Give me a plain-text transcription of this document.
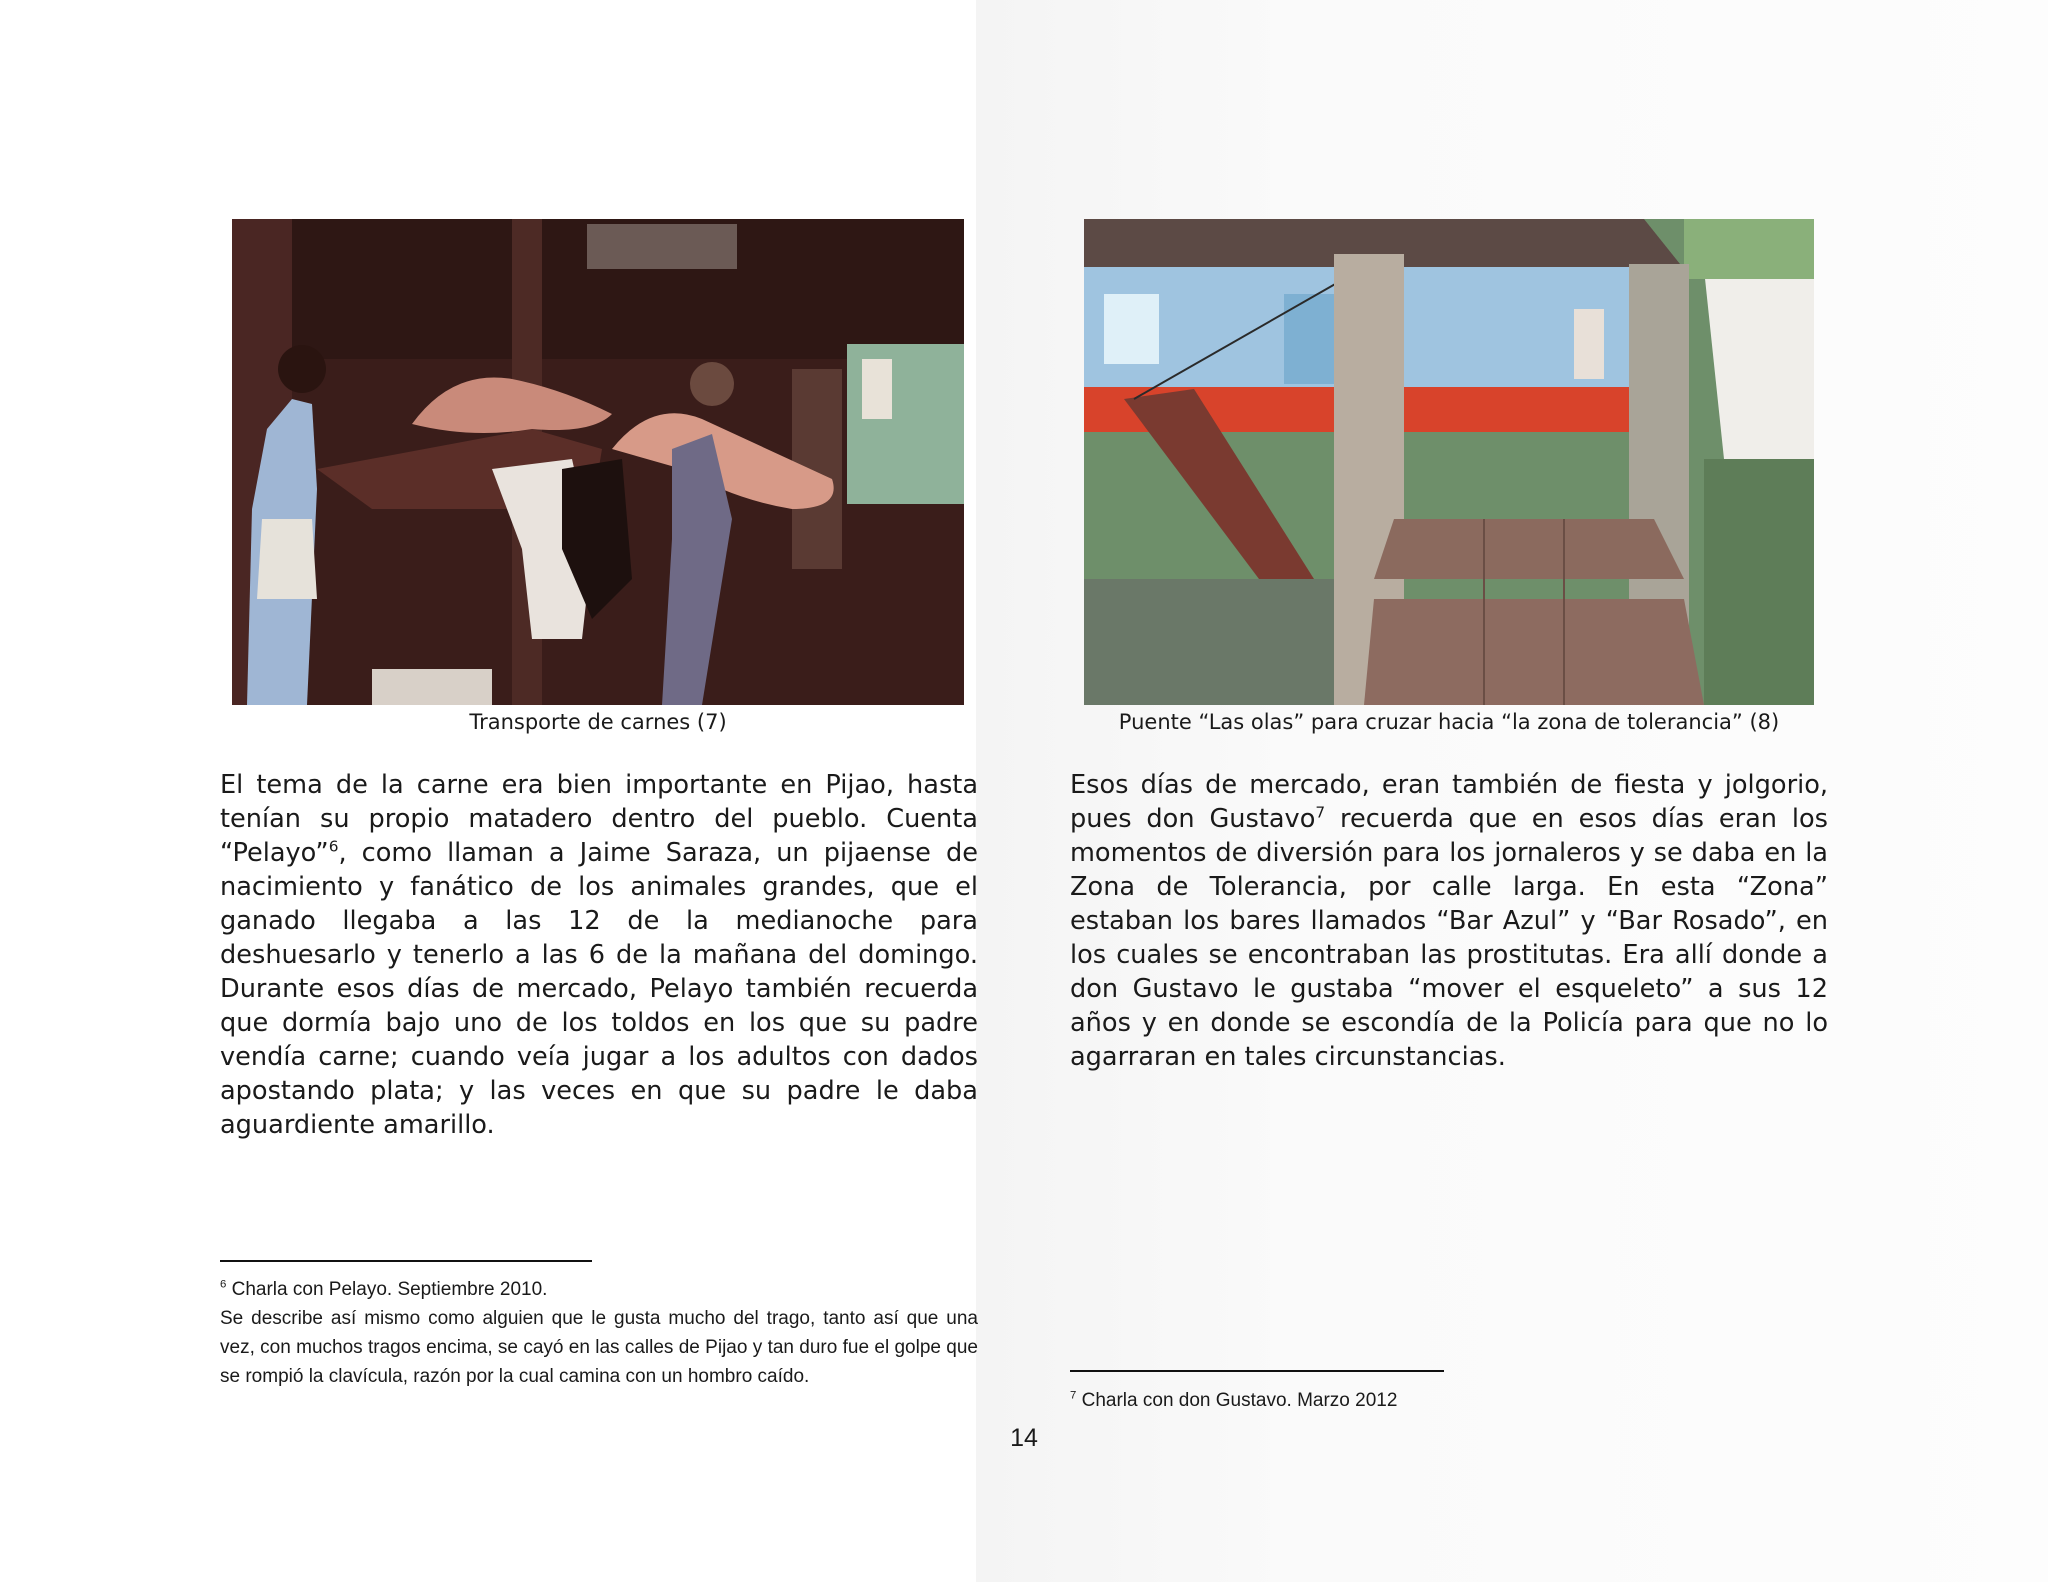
Transporte de carnes (7)	Puente “Las olas” para cruzar hacia “la zona de tolerancia” (8)
El tema de la carne era bien importante en Pijao, hasta tenían su propio matadero dentro del pueblo. Cuenta “Pelayo”$^6$, como llaman a Jaime Saraza, un pijaense de nacimiento y fanático de los animales grandes, que el ganado llegaba a las 12 de la medianoche para deshuesarlo y tenerlo a las 6 de la mañana del domingo. Durante esos días de mercado, Pelayo también recuerda que dormía bajo uno de los toldos en los que su padre vendía carne; cuando veía jugar a los adultos con dados apostando plata; y las veces en que su padre le daba aguardiente amarillo.
Esos días de mercado, eran también de fiesta y jolgorio, pues don Gustavo$^7$ recuerda que en esos días eran los momentos de diversión para los jornaleros y se daba en la Zona de Tolerancia, por calle larga. En esta “Zona” estaban los bares llamados “Bar Azul” y “Bar Rosado”, en los cuales se encontraban las prostitutas. Era allí donde a don Gustavo le gustaba “mover el esqueleto” a sus 12 años y en donde se escondía de la Policía para que no lo agarraran en tales circunstancias.
$^6$ Charla con Pelayo. Septiembre 2010.
Se describe así mismo como alguien que le gusta mucho del trago, tanto así que una vez, con muchos tragos encima, se cayó en las calles de Pijao y tan duro fue el golpe que se rompió la clavícula, razón por la cual camina con un hombro caído.
$^7$ Charla con don Gustavo. Marzo 2012
14
